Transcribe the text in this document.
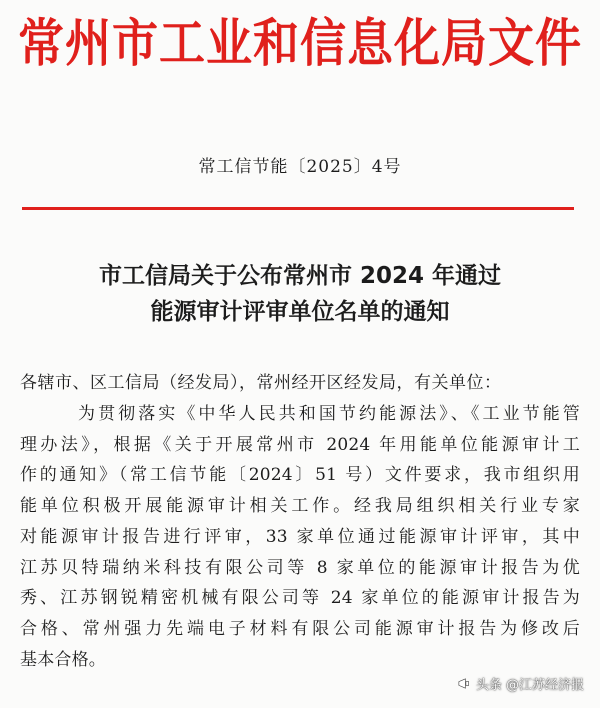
常州市工业和信息化局文件
常工信节能〔2025〕4号
市工信局关于公布常州市 2024 年通过
能源审计评审单位名单的通知
各辖市、区工信局（经发局），常州经开区经发局，有关单位：
为贯彻落实《中华人民共和国节约能源法》、《工业节能管
理办法》，根据《关于开展常州市 2024 年用能单位能源审计工
作的通知》（常工信节能〔2024〕51 号）文件要求，我市组织用
能单位积极开展能源审计相关工作。经我局组织相关行业专家
对能源审计报告进行评审，33 家单位通过能源审计评审，其中
江苏贝特瑞纳米科技有限公司等 8 家单位的能源审计报告为优
秀、江苏钢锐精密机械有限公司等 24 家单位的能源审计报告为
合格、常州强力先端电子材料有限公司能源审计报告为修改后
基本合格。
头条 @江苏经济报
